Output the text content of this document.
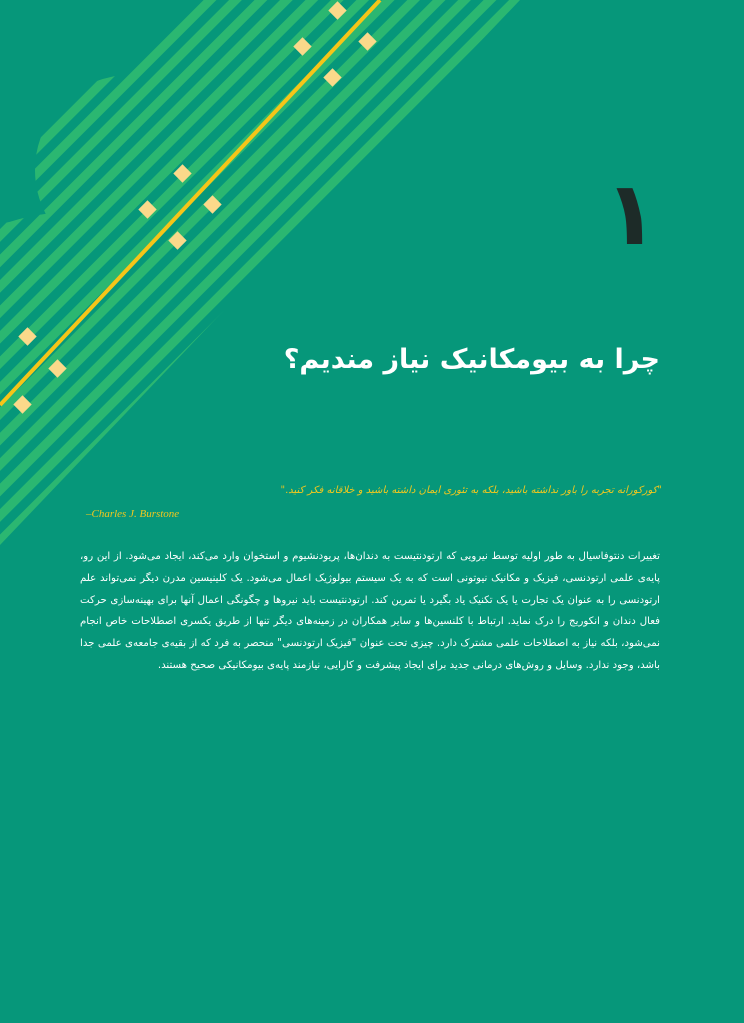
۱
چرا به بیومکانیک نیاز مندیم؟
"کورکورانه تجربه را باور نداشته باشید، بلکه به تئوری ایمان داشته باشید و خلاقانه فکر کنید."
–Charles J. Burstone

تغییرات دنتوفاسیال به طور اولیه توسط نیرویی که ارتودنتیست به دندان‌ها، پریودنشیوم و استخوان وارد می‌کند، ایجاد می‌شود. از این رو، پایه‌ی علمی ارتودنسی، فیزیک و مکانیک نیوتونی است که به یک سیستم بیولوژیک اعمال می‌شود. یک کلینیسین مدرن دیگر نمی‌تواند علم ارتودنسی را به عنوان یک تجارت یا یک تکنیک یاد بگیرد یا تمرین کند. ارتودنتیست باید نیروها و چگونگی اعمال آنها برای بهینه‌سازی حرکت فعال دندان و انکوریج را درک نماید. ارتباط با کلنسین‌ها و سایر همکاران در زمینه‌های دیگر تنها از طریق یکسری اصطلاحات خاص انجام نمی‌شود، بلکه نیاز به اصطلاحات علمی مشترک دارد. چیزی تحت عنوان "فیزیک ارتودنسی" منحصر به فرد که از بقیه‌ی جامعه‌ی علمی جدا باشد، وجود ندارد. وسایل و روش‌های درمانی جدید برای ایجاد پیشرفت و کارایی، نیازمند پایه‌ی بیومکانیکی صحیح هستند.
